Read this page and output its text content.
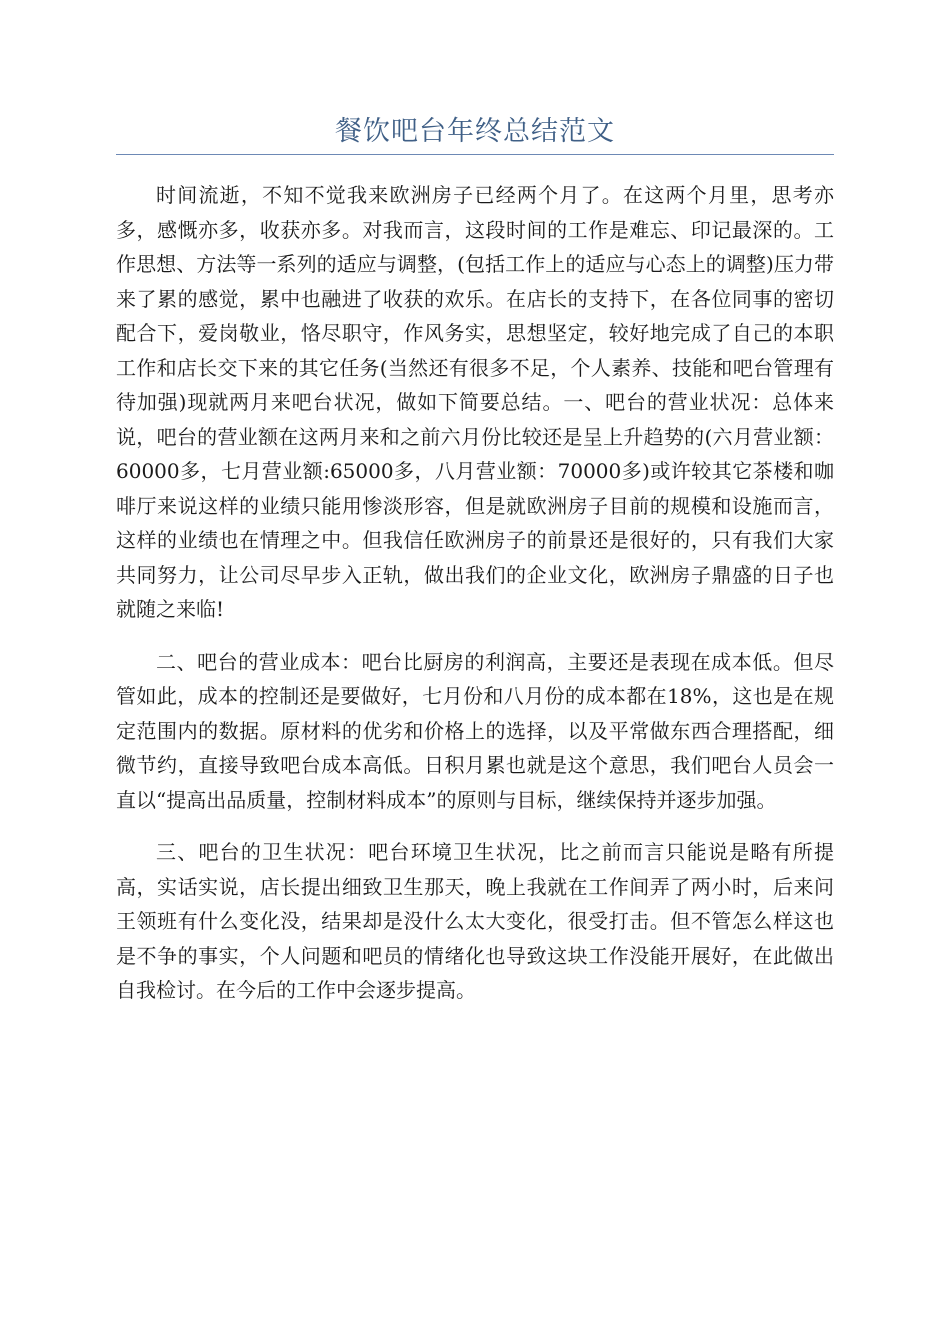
餐饮吧台年终总结范文

时间流逝，不知不觉我来欧洲房子已经两个月了。在这两个月里，思考亦多，感慨亦多，收获亦多。对我而言，这段时间的工作是难忘、印记最深的。工作思想、方法等一系列的适应与调整，(包括工作上的适应与心态上的调整)压力带来了累的感觉，累中也融进了收获的欢乐。在店长的支持下，在各位同事的密切配合下，爱岗敬业，恪尽职守，作风务实，思想坚定，较好地完成了自己的本职工作和店长交下来的其它任务(当然还有很多不足，个人素养、技能和吧台管理有待加强)现就两月来吧台状况，做如下简要总结。一、吧台的营业状况：总体来说，吧台的营业额在这两月来和之前六月份比较还是呈上升趋势的(六月营业额：60000多，七月营业额:65000多，八月营业额：70000多)或许较其它茶楼和咖啡厅来说这样的业绩只能用惨淡形容，但是就欧洲房子目前的规模和设施而言，这样的业绩也在情理之中。但我信任欧洲房子的前景还是很好的，只有我们大家共同努力，让公司尽早步入正轨，做出我们的企业文化，欧洲房子鼎盛的日子也就随之来临!

二、吧台的营业成本：吧台比厨房的利润高，主要还是表现在成本低。但尽管如此，成本的控制还是要做好，七月份和八月份的成本都在18%，这也是在规定范围内的数据。原材料的优劣和价格上的选择，以及平常做东西合理搭配，细微节约，直接导致吧台成本高低。日积月累也就是这个意思，我们吧台人员会一直以“提高出品质量，控制材料成本”的原则与目标，继续保持并逐步加强。

三、吧台的卫生状况：吧台环境卫生状况，比之前而言只能说是略有所提高，实话实说，店长提出细致卫生那天，晚上我就在工作间弄了两小时，后来问王领班有什么变化没，结果却是没什么太大变化，很受打击。但不管怎么样这也是不争的事实，个人问题和吧员的情绪化也导致这块工作没能开展好，在此做出自我检讨。在今后的工作中会逐步提高。
